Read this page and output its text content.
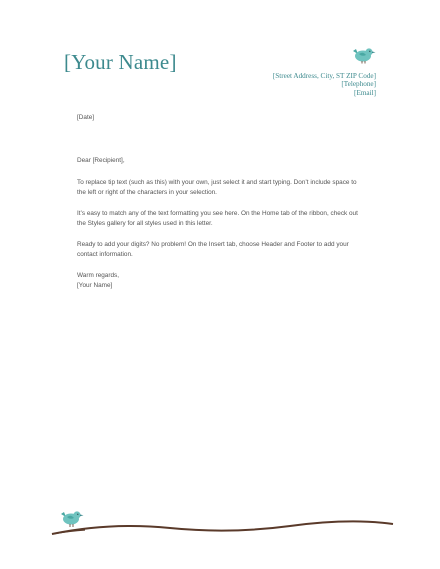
[Your Name]
[Street Address, City, ST ZIP Code]
[Telephone]
[Email]
[Date]
Dear [Recipient],

To replace tip text (such as this) with your own, just select it and start typing. Don’t include space to the left or right of the characters in your selection.

It’s easy to match any of the text formatting you see here. On the Home tab of the ribbon, check out the Styles gallery for all styles used in this letter.

Ready to add your digits? No problem! On the Insert tab, choose Header and Footer to add your contact information.

Warm regards,
[Your Name]
